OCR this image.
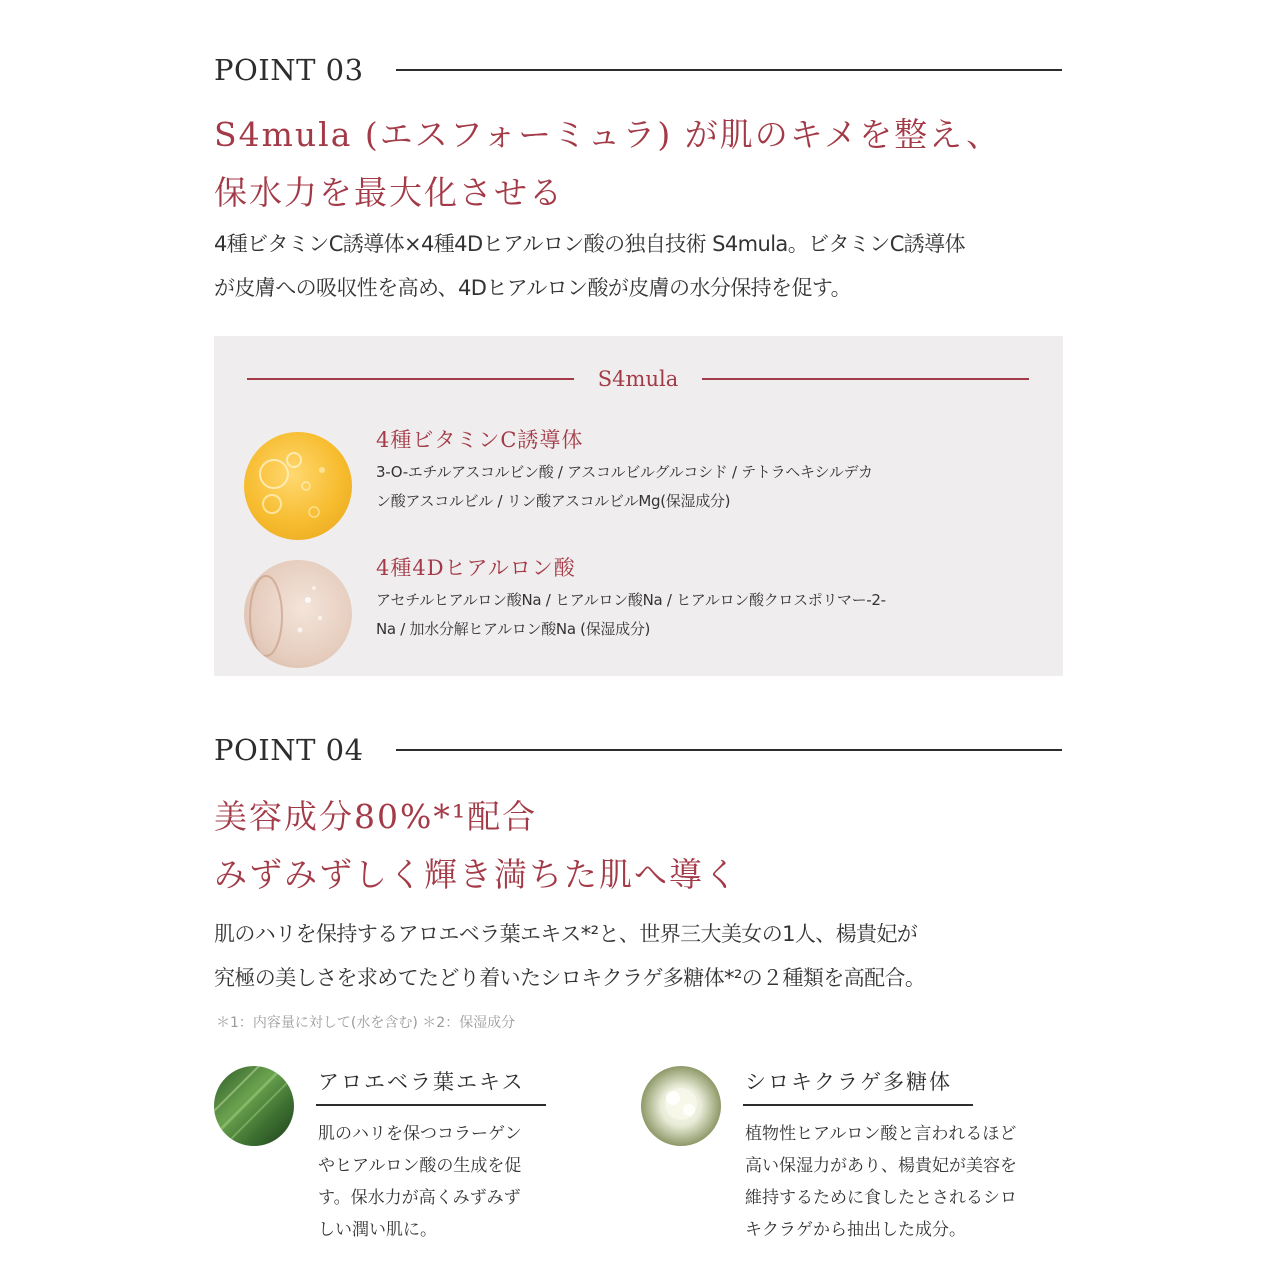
POINT 03
S4mula (エスフォーミュラ) が肌のキメを整え、
保水力を最大化させる
4種ビタミンC誘導体×4種4Dヒアルロン酸の独自技術 S4mula。ビタミンC誘導体
が皮膚への吸収性を高め、4Dヒアルロン酸が皮膚の水分保持を促す。
S4mula
4種ビタミンC誘導体
3-O-エチルアスコルビン酸 / アスコルビルグルコシド / テトラヘキシルデカ
ン酸アスコルビル / リン酸アスコルビルMg(保湿成分)
4種4Dヒアルロン酸
アセチルヒアルロン酸Na / ヒアルロン酸Na / ヒアルロン酸クロスポリマー-2-
Na / 加水分解ヒアルロン酸Na (保湿成分)
POINT 04
美容成分80%*¹配合
みずみずしく輝き満ちた肌へ導く
肌のハリを保持するアロエベラ葉エキス*²と、世界三大美女の1人、楊貴妃が
究極の美しさを求めてたどり着いたシロキクラゲ多糖体*²の２種類を高配合。
＊1：内容量に対して(水を含む) ＊2：保湿成分
アロエベラ葉エキス
肌のハリを保つコラーゲン
やヒアルロン酸の生成を促
す。保水力が高くみずみず
しい潤い肌に。
シロキクラゲ多糖体
植物性ヒアルロン酸と言われるほど
高い保湿力があり、楊貴妃が美容を
維持するために食したとされるシロ
キクラゲから抽出した成分。
